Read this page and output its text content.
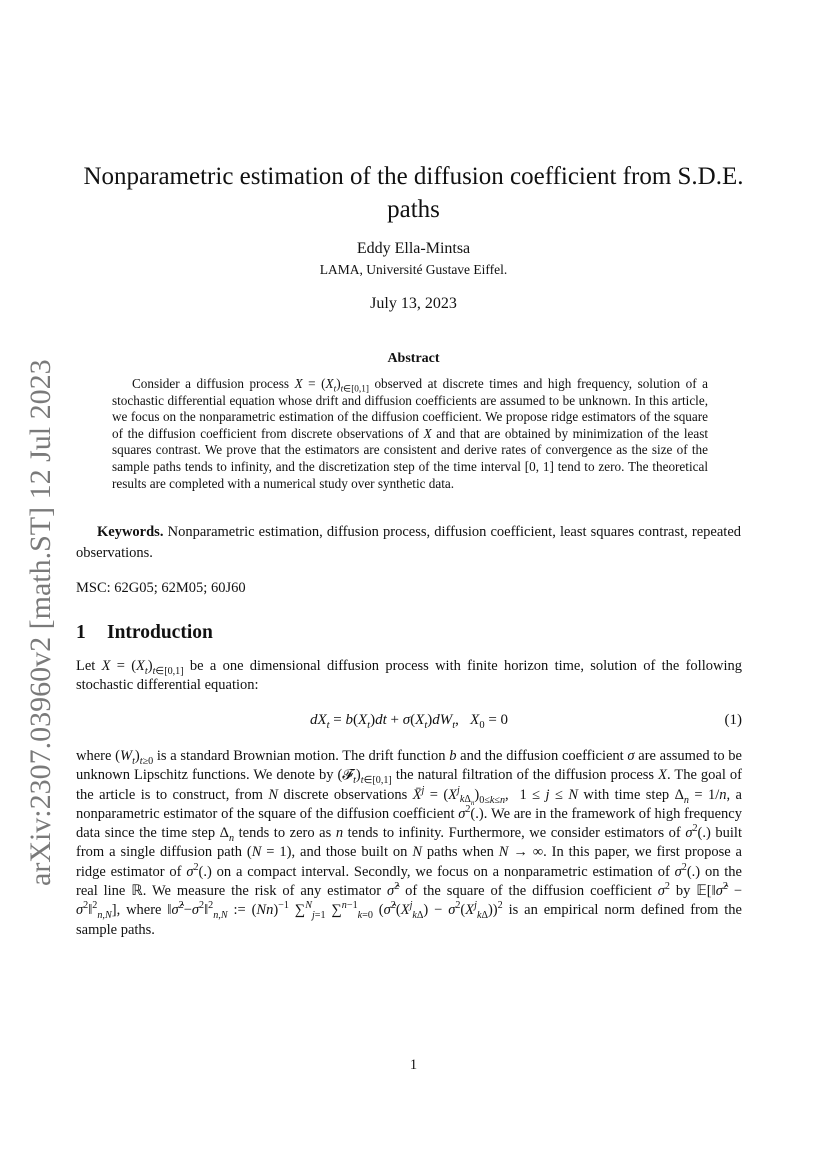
arXiv:2307.03960v2 [math.ST] 12 Jul 2023
Nonparametric estimation of the diffusion coefficient from S.D.E. paths
Eddy Ella-Mintsa
LAMA, Université Gustave Eiffel.
July 13, 2023
Abstract
Consider a diffusion process $X = (X_t)_{t\in[0,1]}$ observed at discrete times and high frequency, solution of a stochastic differential equation whose drift and diffusion coefficients are assumed to be unknown. In this article, we focus on the nonparametric estimation of the diffusion coefficient. We propose ridge estimators of the square of the diffusion coefficient from discrete observations of X and that are obtained by minimization of the least squares contrast. We prove that the estimators are consistent and derive rates of convergence as the size of the sample paths tends to infinity, and the discretization step of the time interval [0, 1] tend to zero. The theoretical results are completed with a numerical study over synthetic data.
Keywords. Nonparametric estimation, diffusion process, diffusion coefficient, least squares contrast, repeated observations.
MSC: 62G05; 62M05; 60J60
1 Introduction
Let $X = (X_t)_{t\in[0,1]}$ be a one dimensional diffusion process with finite horizon time, solution of the following stochastic differential equation:
$dX_t = b(X_t)dt + \sigma(X_t)dW_t$,   $X_0 = 0$	(1)
where $(W_t)_{t\ge 0}$ is a standard Brownian motion. The drift function b and the diffusion coefficient σ are assumed to be unknown Lipschitz functions. We denote by $(𝓕_t)_{t\in[0,1]}$ the natural filtration of the diffusion process X. The goal of the article is to construct, from N discrete observations X̄$^j$ = $(X^j_{k\Delta_n})_{0\le k\le n}$,  1 ≤ j ≤ N with time step $\Delta_n = 1/n$, a nonparametric estimator of the square of the diffusion coefficient $\sigma^2(.)$. We are in the framework of high frequency data since the time step $\Delta_n$ tends to zero as n tends to infinity. Furthermore, we consider estimators of $\sigma^2(.)$ built from a single diffusion path (N = 1), and those built on N paths when N → ∞. In this paper, we first propose a ridge estimator of $\sigma^2(.)$ on a compact interval. Secondly, we focus on a nonparametric estimation of $\sigma^2(.)$ on the real line ℝ. We measure the risk of any estimator σ̂$^2$ of the square of the diffusion coefficient $\sigma^2$ by 𝔼[‖σ̂$^2$ − $\sigma^2‖^2_{n,N}$], where $‖\sigmâ^2-\sigma^2‖^2_{n,N}$ := $(Nn)^{-1}$ ∑$^N_{j=1}$ ∑$^{n-1}_{k=0}$ $(\sigmâ^2(X^j_{k\Delta}) - \sigma^2(X^j_{k\Delta}))^2$ is an empirical norm defined from the sample paths.
1
